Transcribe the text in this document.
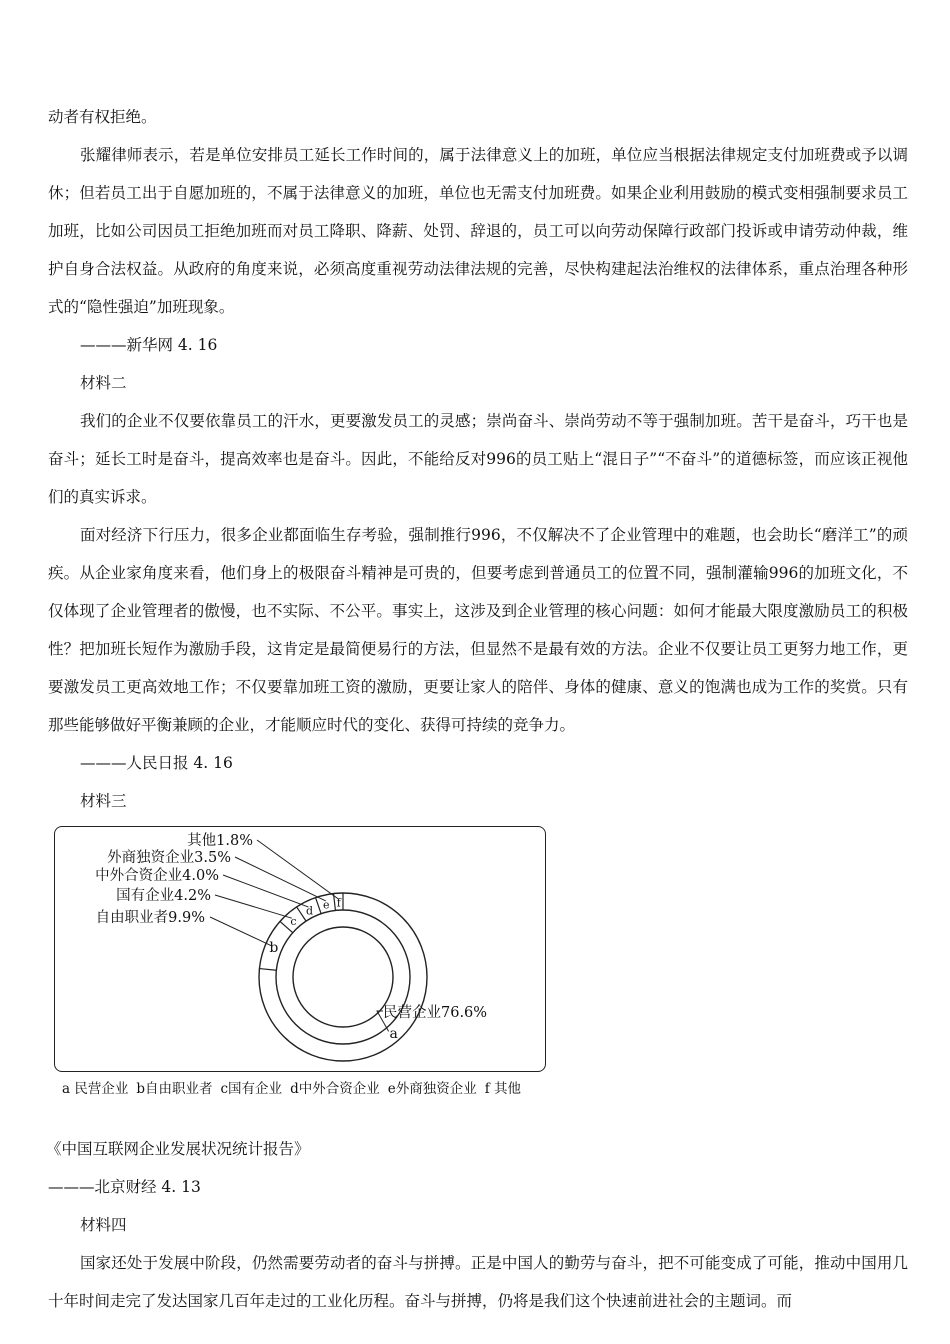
动者有权拒绝。

张耀律师表示，若是单位安排员工延长工作时间的，属于法律意义上的加班，单位应当根据法律规定支付加班费或予以调休；但若员工出于自愿加班的，不属于法律意义的加班，单位也无需支付加班费。如果企业利用鼓励的模式变相强制要求员工加班，比如公司因员工拒绝加班而对员工降职、降薪、处罚、辞退的，员工可以向劳动保障行政部门投诉或申请劳动仲裁，维护自身合法权益。从政府的角度来说，必须高度重视劳动法律法规的完善，尽快构建起法治维权的法律体系，重点治理各种形式的“隐性强迫”加班现象。

———新华网 4. 16

材料二

我们的企业不仅要依靠员工的汗水，更要激发员工的灵感；崇尚奋斗、崇尚劳动不等于强制加班。苦干是奋斗，巧干也是奋斗；延长工时是奋斗，提高效率也是奋斗。因此，不能给反对996的员工贴上“混日子”“不奋斗”的道德标签，而应该正视他们的真实诉求。

面对经济下行压力，很多企业都面临生存考验，强制推行996，不仅解决不了企业管理中的难题，也会助长“磨洋工”的顽疾。从企业家角度来看，他们身上的极限奋斗精神是可贵的，但要考虑到普通员工的位置不同，强制灌输996的加班文化，不仅体现了企业管理者的傲慢，也不实际、不公平。事实上，这涉及到企业管理的核心问题：如何才能最大限度激励员工的积极性？把加班长短作为激励手段，这肯定是最简便易行的方法，但显然不是最有效的方法。企业不仅要让员工更努力地工作，更要激发员工更高效地工作；不仅要靠加班工资的激励，更要让家人的陪伴、身体的健康、意义的饱满也成为工作的奖赏。只有那些能够做好平衡兼顾的企业，才能顺应时代的变化、获得可持续的竞争力。

———人民日报 4. 16

材料三

a
b
c
d e f
民营企业76.6%
自由职业者9.9%
国有企业4.2%
中外合资企业4.0%
外商独资企业3.5%
其他1.8%
a 民营企业 b自由职业者 c国有企业 d中外合资企业 e外商独资企业 f 其他

《中国互联网企业发展状况统计报告》

———北京财经 4. 13

材料四

国家还处于发展中阶段，仍然需要劳动者的奋斗与拼搏。正是中国人的勤劳与奋斗，把不可能变成了可能，推动中国用几十年时间走完了发达国家几百年走过的工业化历程。奋斗与拼搏，仍将是我们这个快速前进社会的主题词。而
